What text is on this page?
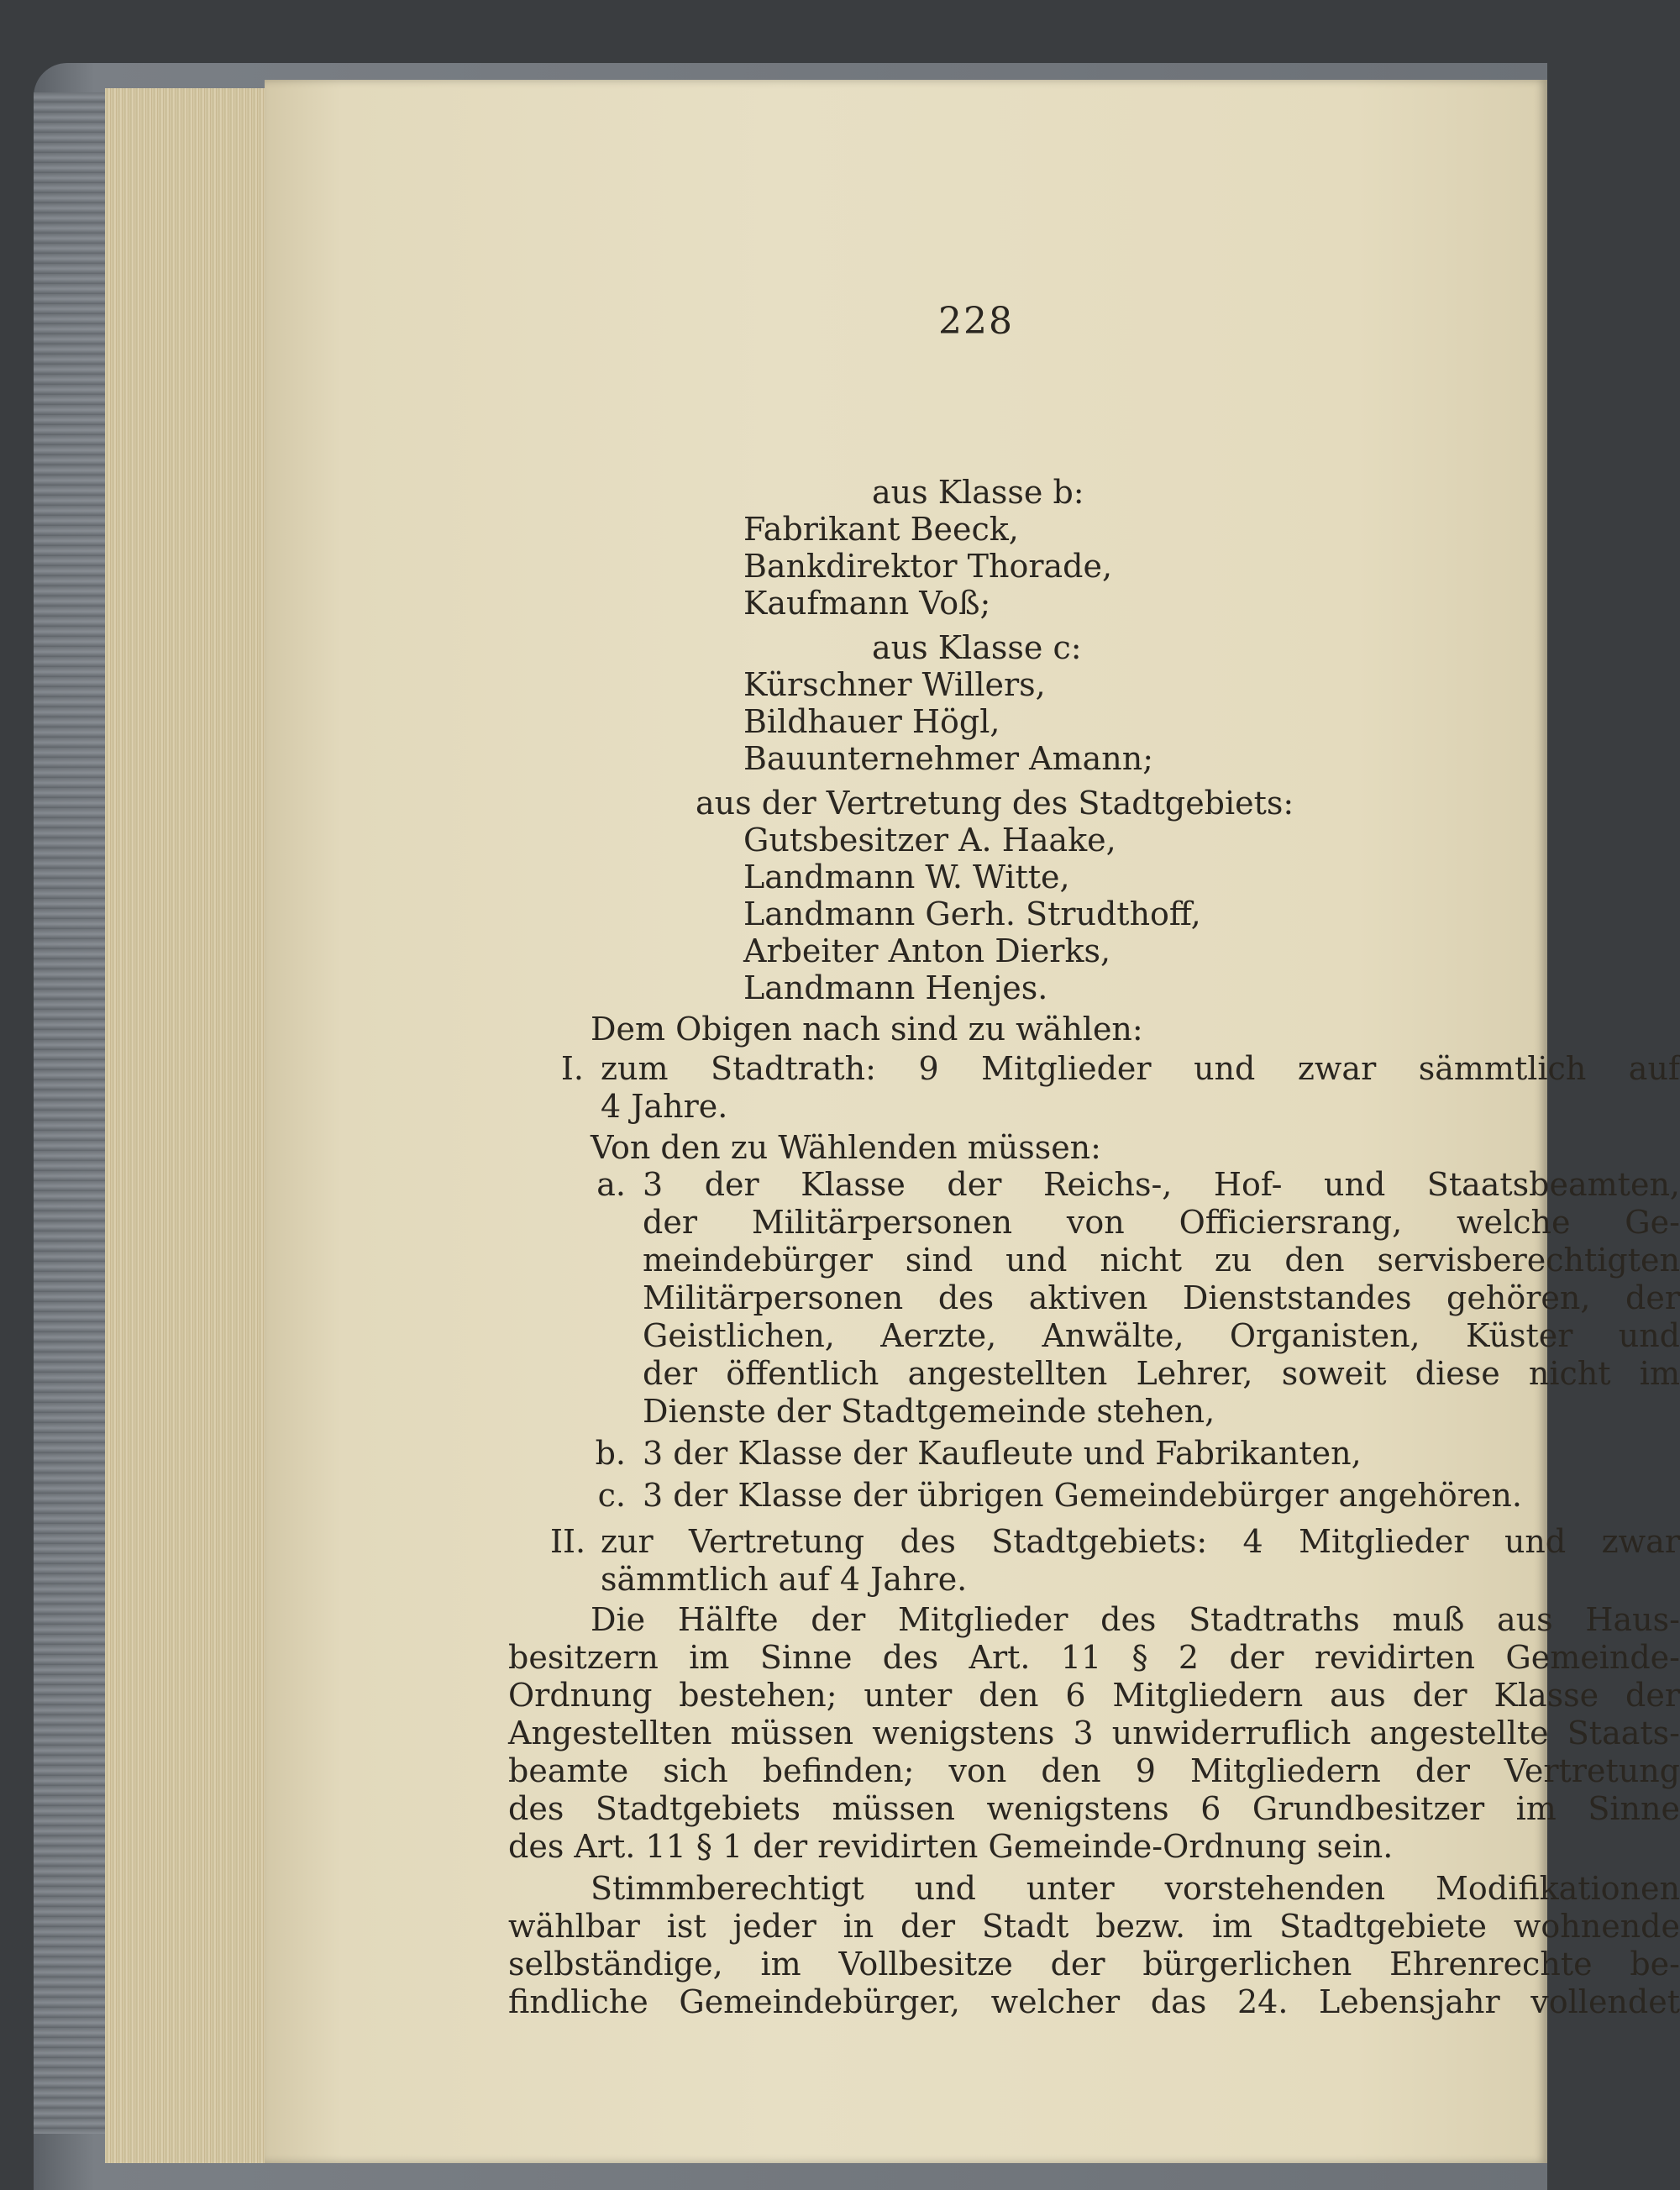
228
aus Klasse b:
Fabrikant Beeck,
Bankdirektor Thorade,
Kaufmann Voß;
aus Klasse c:
Kürschner Willers,
Bildhauer Högl,
Bauunternehmer Amann;
aus der Vertretung des Stadtgebiets:
Gutsbesitzer A. Haake,
Landmann W. Witte,
Landmann Gerh. Strudthoff,
Arbeiter Anton Dierks,
Landmann Henjes.
Dem Obigen nach sind zu wählen:
I. zum Stadtrath: 9 Mitglieder und zwar sämmtlich auf
4 Jahre.
Von den zu Wählenden müssen:
a. 3 der Klasse der Reichs-, Hof- und Staatsbeamten,
der Militärpersonen von Officiersrang, welche Ge-
meindebürger sind und nicht zu den servisberechtigten
Militärpersonen des aktiven Dienststandes gehören, der
Geistlichen, Aerzte, Anwälte, Organisten, Küster und
der öffentlich angestellten Lehrer, soweit diese nicht im
Dienste der Stadtgemeinde stehen,
b. 3 der Klasse der Kaufleute und Fabrikanten,
c. 3 der Klasse der übrigen Gemeindebürger angehören.
II. zur Vertretung des Stadtgebiets: 4 Mitglieder und zwar
sämmtlich auf 4 Jahre.
Die Hälfte der Mitglieder des Stadtraths muß aus Haus-
besitzern im Sinne des Art. 11 § 2 der revidirten Gemeinde-
Ordnung bestehen; unter den 6 Mitgliedern aus der Klasse der
Angestellten müssen wenigstens 3 unwiderruflich angestellte Staats-
beamte sich befinden; von den 9 Mitgliedern der Vertretung
des Stadtgebiets müssen wenigstens 6 Grundbesitzer im Sinne
des Art. 11 § 1 der revidirten Gemeinde-Ordnung sein.
Stimmberechtigt und unter vorstehenden Modifikationen
wählbar ist jeder in der Stadt bezw. im Stadtgebiete wohnende
selbständige, im Vollbesitze der bürgerlichen Ehrenrechte be-
findliche Gemeindebürger, welcher das 24. Lebensjahr vollendet
